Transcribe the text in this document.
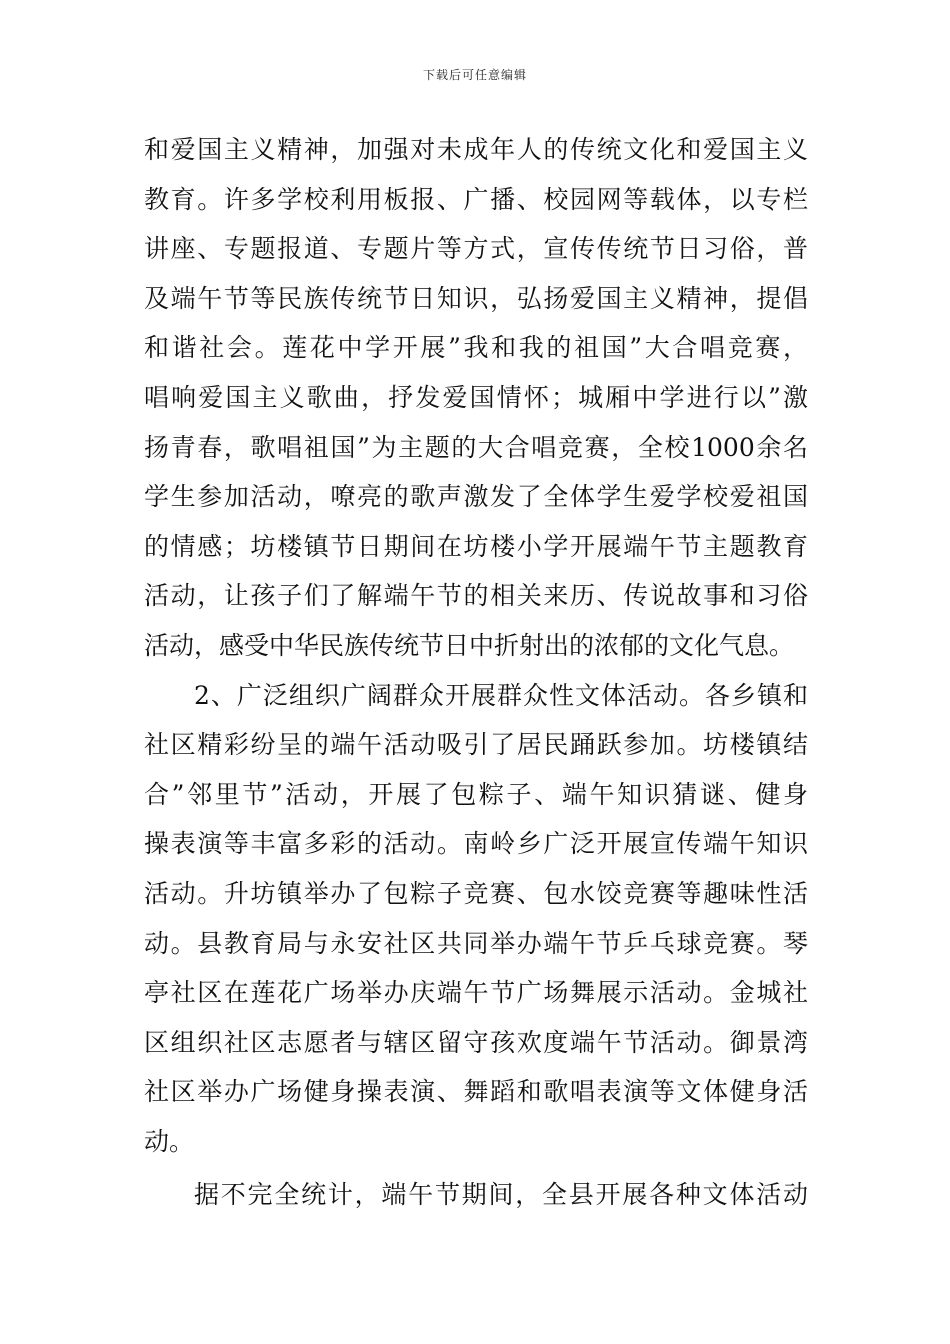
下载后可任意编辑
和爱国主义精神，加强对未成年人的传统文化和爱国主义
教育。许多学校利用板报、广播、校园网等载体，以专栏
讲座、专题报道、专题片等方式，宣传传统节日习俗，普
及端午节等民族传统节日知识，弘扬爱国主义精神，提倡
和谐社会。莲花中学开展”我和我的祖国”大合唱竞赛，
唱响爱国主义歌曲，抒发爱国情怀；城厢中学进行以”激
扬青春，歌唱祖国”为主题的大合唱竞赛，全校1000余名
学生参加活动，嘹亮的歌声激发了全体学生爱学校爱祖国
的情感；坊楼镇节日期间在坊楼小学开展端午节主题教育
活动，让孩子们了解端午节的相关来历、传说故事和习俗
活动，感受中华民族传统节日中折射出的浓郁的文化气息。
2、广泛组织广阔群众开展群众性文体活动。各乡镇和
社区精彩纷呈的端午活动吸引了居民踊跃参加。坊楼镇结
合”邻里节”活动，开展了包粽子、端午知识猜谜、健身
操表演等丰富多彩的活动。南岭乡广泛开展宣传端午知识
活动。升坊镇举办了包粽子竞赛、包水饺竞赛等趣味性活
动。县教育局与永安社区共同举办端午节乒乓球竞赛。琴
亭社区在莲花广场举办庆端午节广场舞展示活动。金城社
区组织社区志愿者与辖区留守孩欢度端午节活动。御景湾
社区举办广场健身操表演、舞蹈和歌唱表演等文体健身活
动。
据不完全统计，端午节期间，全县开展各种文体活动
